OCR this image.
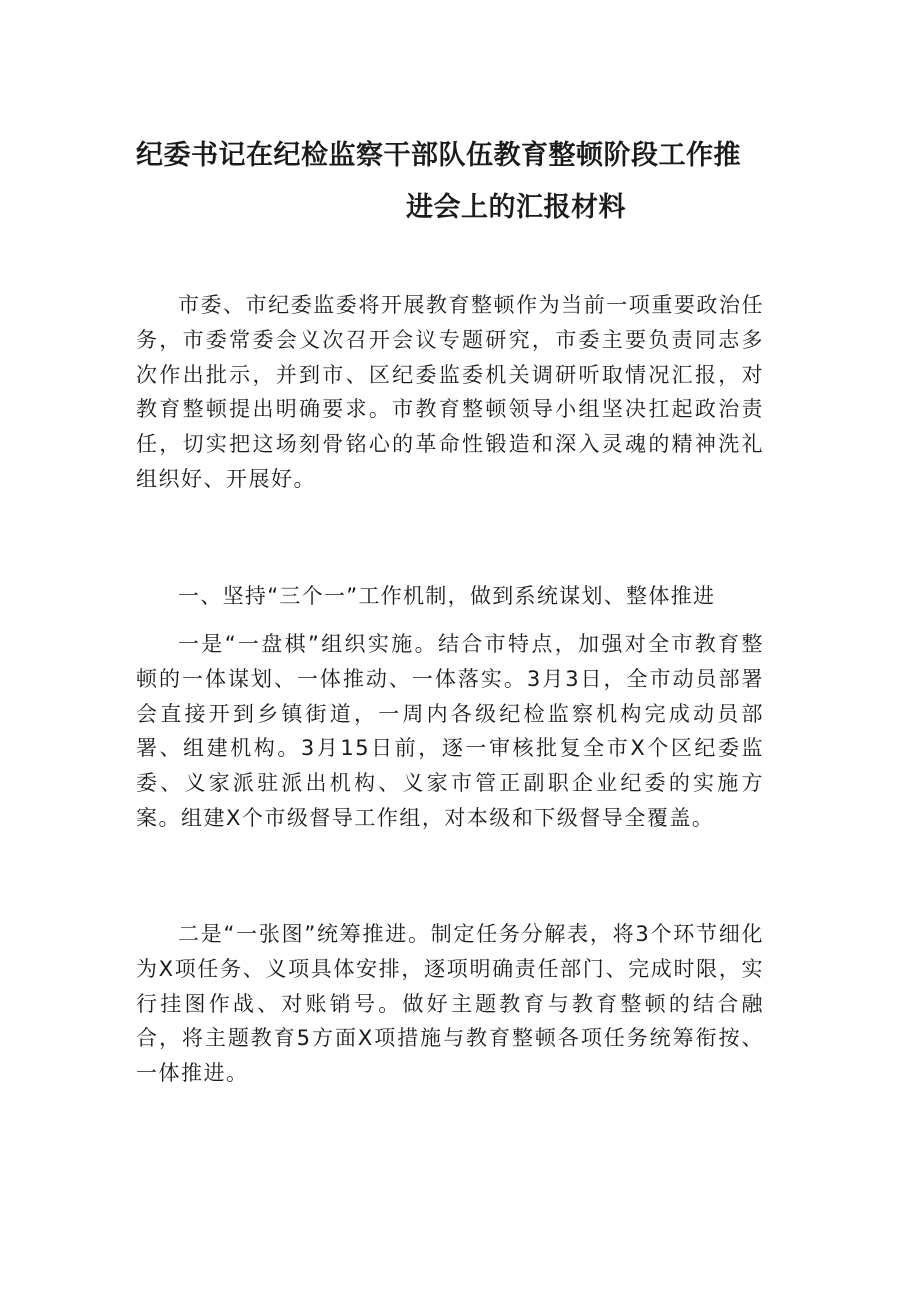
纪委书记在纪检监察干部队伍教育整顿阶段工作推
进会上的汇报材料

市委、市纪委监委将开展教育整顿作为当前一项重要政治任务，市委常委会义次召开会议专题研究，市委主要负责同志多次作出批示，并到市、区纪委监委机关调研听取情况汇报，对教育整顿提出明确要求。市教育整顿领导小组坚决扛起政治责任，切实把这场刻骨铭心的革命性锻造和深入灵魂的精神洗礼组织好、开展好。

一、坚持“三个一”工作机制，做到系统谋划、整体推进

一是“一盘棋”组织实施。结合市特点，加强对全市教育整顿的一体谋划、一体推动、一体落实。3月3日，全市动员部署会直接开到乡镇街道，一周内各级纪检监察机构完成动员部署、组建机构。3月15日前，逐一审核批复全市X个区纪委监委、义家派驻派出机构、义家市管正副职企业纪委的实施方案。组建X个市级督导工作组，对本级和下级督导全覆盖。

二是“一张图”统筹推进。制定任务分解表，将3个环节细化为X项任务、义项具体安排，逐项明确责任部门、完成时限，实行挂图作战、对账销号。做好主题教育与教育整顿的结合融合，将主题教育5方面X项措施与教育整顿各项任务统筹衔按、一体推进。
